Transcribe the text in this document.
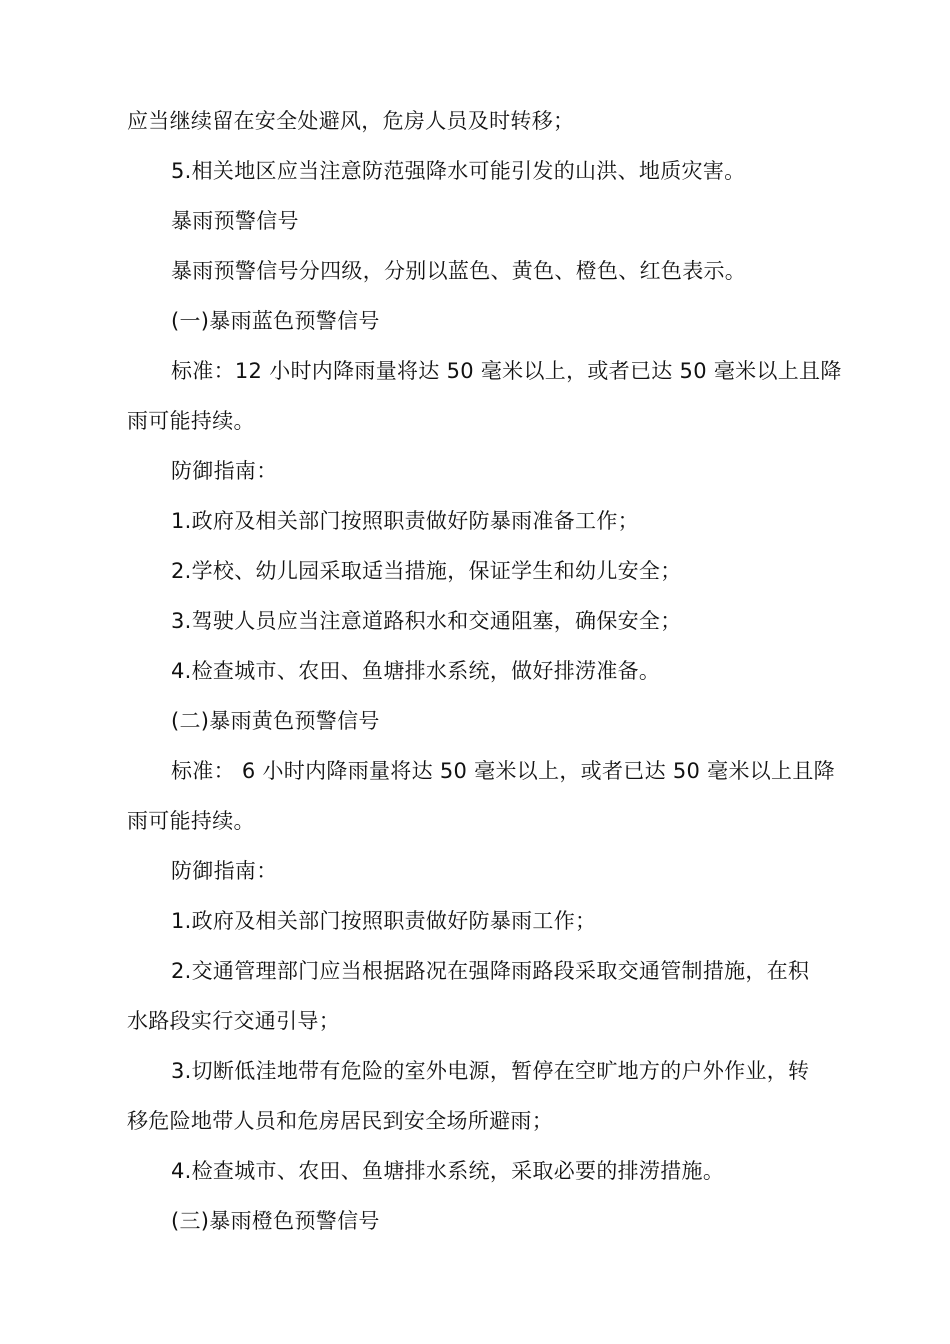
应当继续留在安全处避风，危房人员及时转移；

5.相关地区应当注意防范强降水可能引发的山洪、地质灾害。

暴雨预警信号

暴雨预警信号分四级，分别以蓝色、黄色、橙色、红色表示。

(一)暴雨蓝色预警信号

标准：12 小时内降雨量将达 50 毫米以上，或者已达 50 毫米以上且降

雨可能持续。

防御指南：

1.政府及相关部门按照职责做好防暴雨准备工作；

2.学校、幼儿园采取适当措施，保证学生和幼儿安全；

3.驾驶人员应当注意道路积水和交通阻塞，确保安全；

4.检查城市、农田、鱼塘排水系统，做好排涝准备。

(二)暴雨黄色预警信号

标准： 6 小时内降雨量将达 50 毫米以上，或者已达 50 毫米以上且降

雨可能持续。

防御指南：

1.政府及相关部门按照职责做好防暴雨工作；

2.交通管理部门应当根据路况在强降雨路段采取交通管制措施，在积

水路段实行交通引导；

3.切断低洼地带有危险的室外电源，暂停在空旷地方的户外作业，转

移危险地带人员和危房居民到安全场所避雨；

4.检查城市、农田、鱼塘排水系统，采取必要的排涝措施。

(三)暴雨橙色预警信号
